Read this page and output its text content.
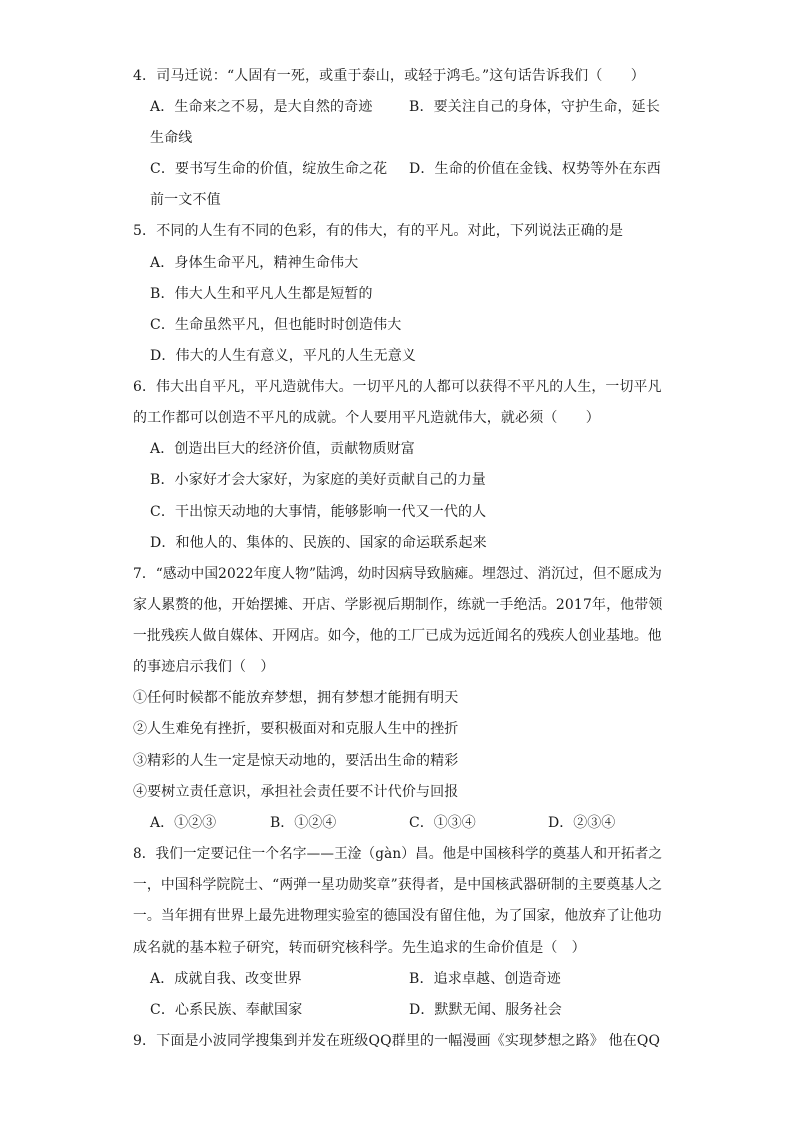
4．司马迁说：“人固有一死，或重于泰山，或轻于鸿毛。”这句话告诉我们（　　）
A．生命来之不易，是大自然的奇迹	B．要关注自己的身体，守护生命，延长
生命线
C．要书写生命的价值，绽放生命之花 D．生命的价值在金钱、权势等外在东西
前一文不值
5．不同的人生有不同的色彩，有的伟大，有的平凡。对此，下列说法正确的是
A．身体生命平凡，精神生命伟大
B．伟大人生和平凡人生都是短暂的
C．生命虽然平凡，但也能时时创造伟大
D．伟大的人生有意义，平凡的人生无意义
6．伟大出自平凡，平凡造就伟大。一切平凡的人都可以获得不平凡的人生，一切平凡
的工作都可以创造不平凡的成就。个人要用平凡造就伟大，就必须（　　）
A．创造出巨大的经济价值，贡献物质财富
B．小家好才会大家好，为家庭的美好贡献自己的力量
C．干出惊天动地的大事情，能够影响一代又一代的人
D．和他人的、集体的、民族的、国家的命运联系起来
7．“感动中国2022年度人物”陆鸿，幼时因病导致脑瘫。埋怨过、消沉过，但不愿成为
家人累赘的他，开始摆摊、开店、学影视后期制作，练就一手绝活。2017年，他带领
一批残疾人做自媒体、开网店。如今，他的工厂已成为远近闻名的残疾人创业基地。他
的事迹启示我们（　）
①任何时候都不能放弃梦想，拥有梦想才能拥有明天
②人生难免有挫折，要积极面对和克服人生中的挫折
③精彩的人生一定是惊天动地的，要活出生命的精彩
④要树立责任意识，承担社会责任要不计代价与回报
A．①②③	B．①②④	C．①③④	D．②③④
8．我们一定要记住一个名字——王淦（gàn）昌。他是中国核科学的奠基人和开拓者之
一，中国科学院院士、“两弹一星功勋奖章”获得者，是中国核武器研制的主要奠基人之
一。当年拥有世界上最先进物理实验室的德国没有留住他，为了国家，他放弃了让他功
成名就的基本粒子研究，转而研究核科学。先生追求的生命价值是（　）
A．成就自我、改变世界	B．追求卓越、创造奇迹
C．心系民族、奉献国家	D．默默无闻、服务社会
9．下面是小波同学搜集到并发在班级QQ群里的一幅漫画《实现梦想之路》 他在QQ
